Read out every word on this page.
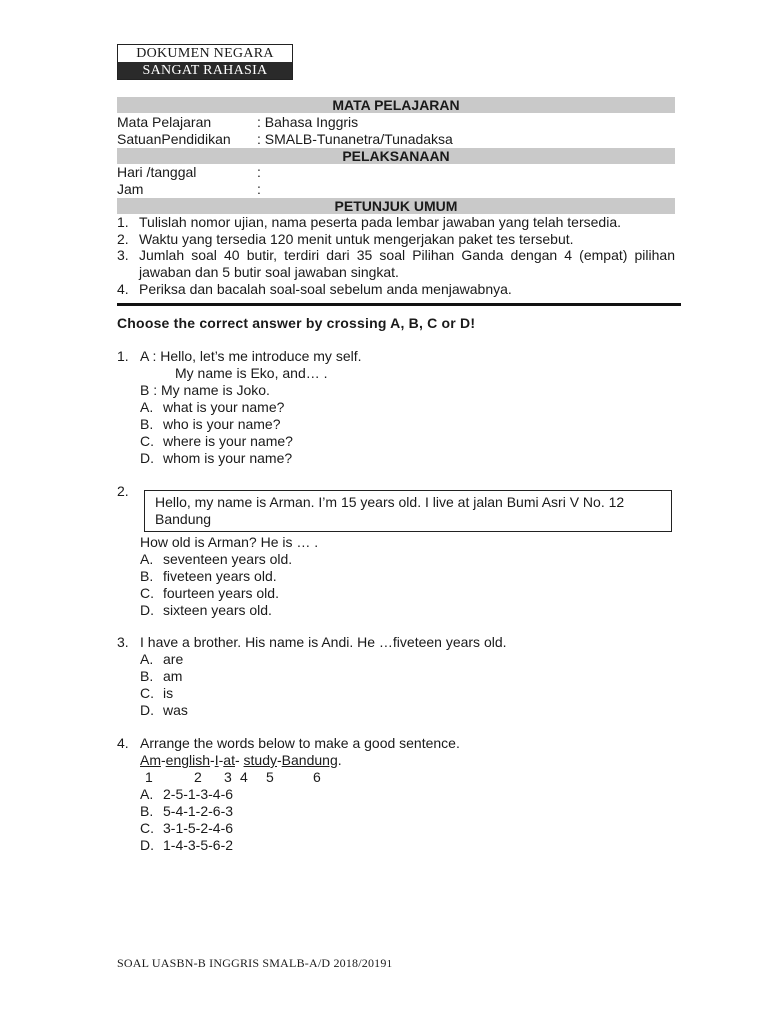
DOKUMEN NEGARA
SANGAT RAHASIA
MATA PELAJARAN
Mata Pelajaran	: Bahasa Inggris
SatuanPendidikan : SMALB-Tunanetra/Tunadaksa
PELAKSANAAN
Hari /tanggal	:
Jam	:
PETUNJUK UMUM
1. Tulislah nomor ujian, nama peserta pada lembar jawaban yang telah tersedia.
2. Waktu yang tersedia 120 menit untuk mengerjakan paket tes tersebut.
3. Jumlah soal 40 butir, terdiri dari 35 soal Pilihan Ganda dengan 4 (empat) pilihan jawaban dan 5 butir soal jawaban singkat.
4. Periksa dan bacalah soal-soal sebelum anda menjawabnya.
Choose the correct answer by crossing A, B, C or D!
1. A : Hello, let’s me introduce my self.
My name is Eko, and… .
B : My name is Joko.
A. what is your name?
B. who is your name?
C. where is your name?
D. whom is your name?
2.
Hello, my name is Arman. I’m 15 years old. I live at jalan Bumi Asri V No. 12 Bandung
How old is Arman? He is … .
A. seventeen years old.
B. fiveteen years old.
C. fourteen years old.
D. sixteen years old.
3. I have a brother. His name is Andi. He …fiveteen years old.
A. are
B. am
C. is
D. was
4. Arrange the words below to make a good sentence.
Am-english-I-at- study-Bandung.
1	2 3 4 5	6
A. 2-5-1-3-4-6
B. 5-4-1-2-6-3
C. 3-1-5-2-4-6
D. 1-4-3-5-6-2
SOAL UASBN-B INGGRIS SMALB-A/D 2018/20191
